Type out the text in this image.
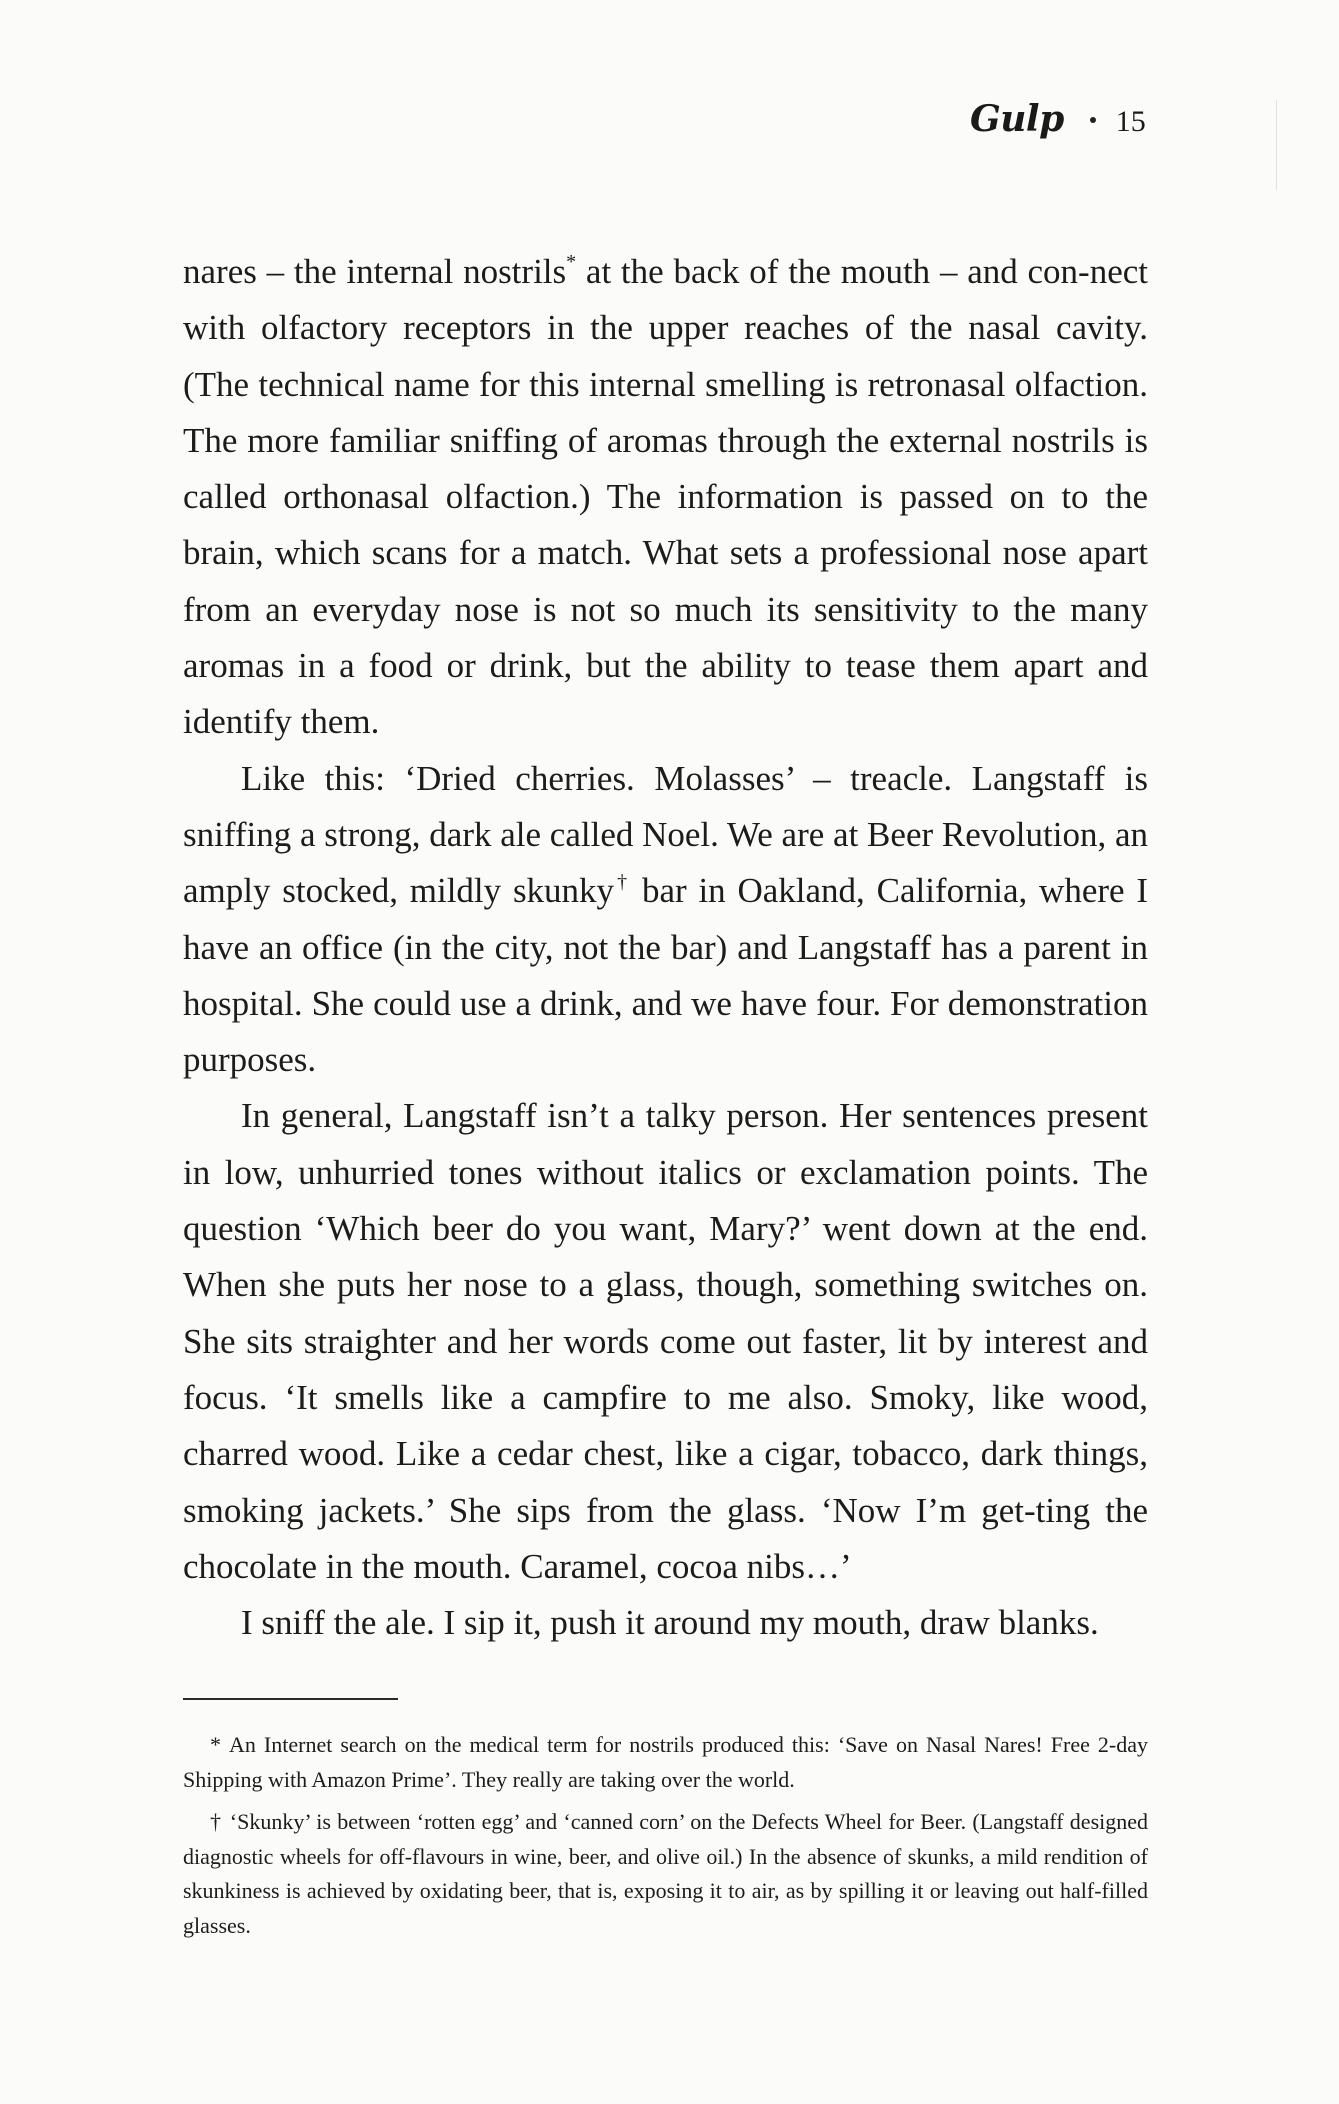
Gulp 15

nares – the internal nostrils* at the back of the mouth – and con-nect with olfactory receptors in the upper reaches of the nasal cavity. (The technical name for this internal smelling is retronasal olfaction. The more familiar sniffing of aromas through the external nostrils is called orthonasal olfaction.) The information is passed on to the brain, which scans for a match. What sets a professional nose apart from an everyday nose is not so much its sensitivity to the many aromas in a food or drink, but the ability to tease them apart and identify them.

Like this: ‘Dried cherries. Molasses’ – treacle. Langstaff is sniffing a strong, dark ale called Noel. We are at Beer Revolution, an amply stocked, mildly skunky† bar in Oakland, California, where I have an office (in the city, not the bar) and Langstaff has a parent in hospital. She could use a drink, and we have four. For demonstration purposes.

In general, Langstaff isn’t a talky person. Her sentences present in low, unhurried tones without italics or exclamation points. The question ‘Which beer do you want, Mary?’ went down at the end. When she puts her nose to a glass, though, something switches on. She sits straighter and her words come out faster, lit by interest and focus. ‘It smells like a campfire to me also. Smoky, like wood, charred wood. Like a cedar chest, like a cigar, tobacco, dark things, smoking jackets.’ She sips from the glass. ‘Now I’m get-ting the chocolate in the mouth. Caramel, cocoa nibs…’

I sniff the ale. I sip it, push it around my mouth, draw blanks.

* An Internet search on the medical term for nostrils produced this: ‘Save on Nasal Nares! Free 2-day Shipping with Amazon Prime’. They really are taking over the world.

† ‘Skunky’ is between ‘rotten egg’ and ‘canned corn’ on the Defects Wheel for Beer. (Langstaff designed diagnostic wheels for off-flavours in wine, beer, and olive oil.) In the absence of skunks, a mild rendition of skunkiness is achieved by oxidating beer, that is, exposing it to air, as by spilling it or leaving out half-filled glasses.
